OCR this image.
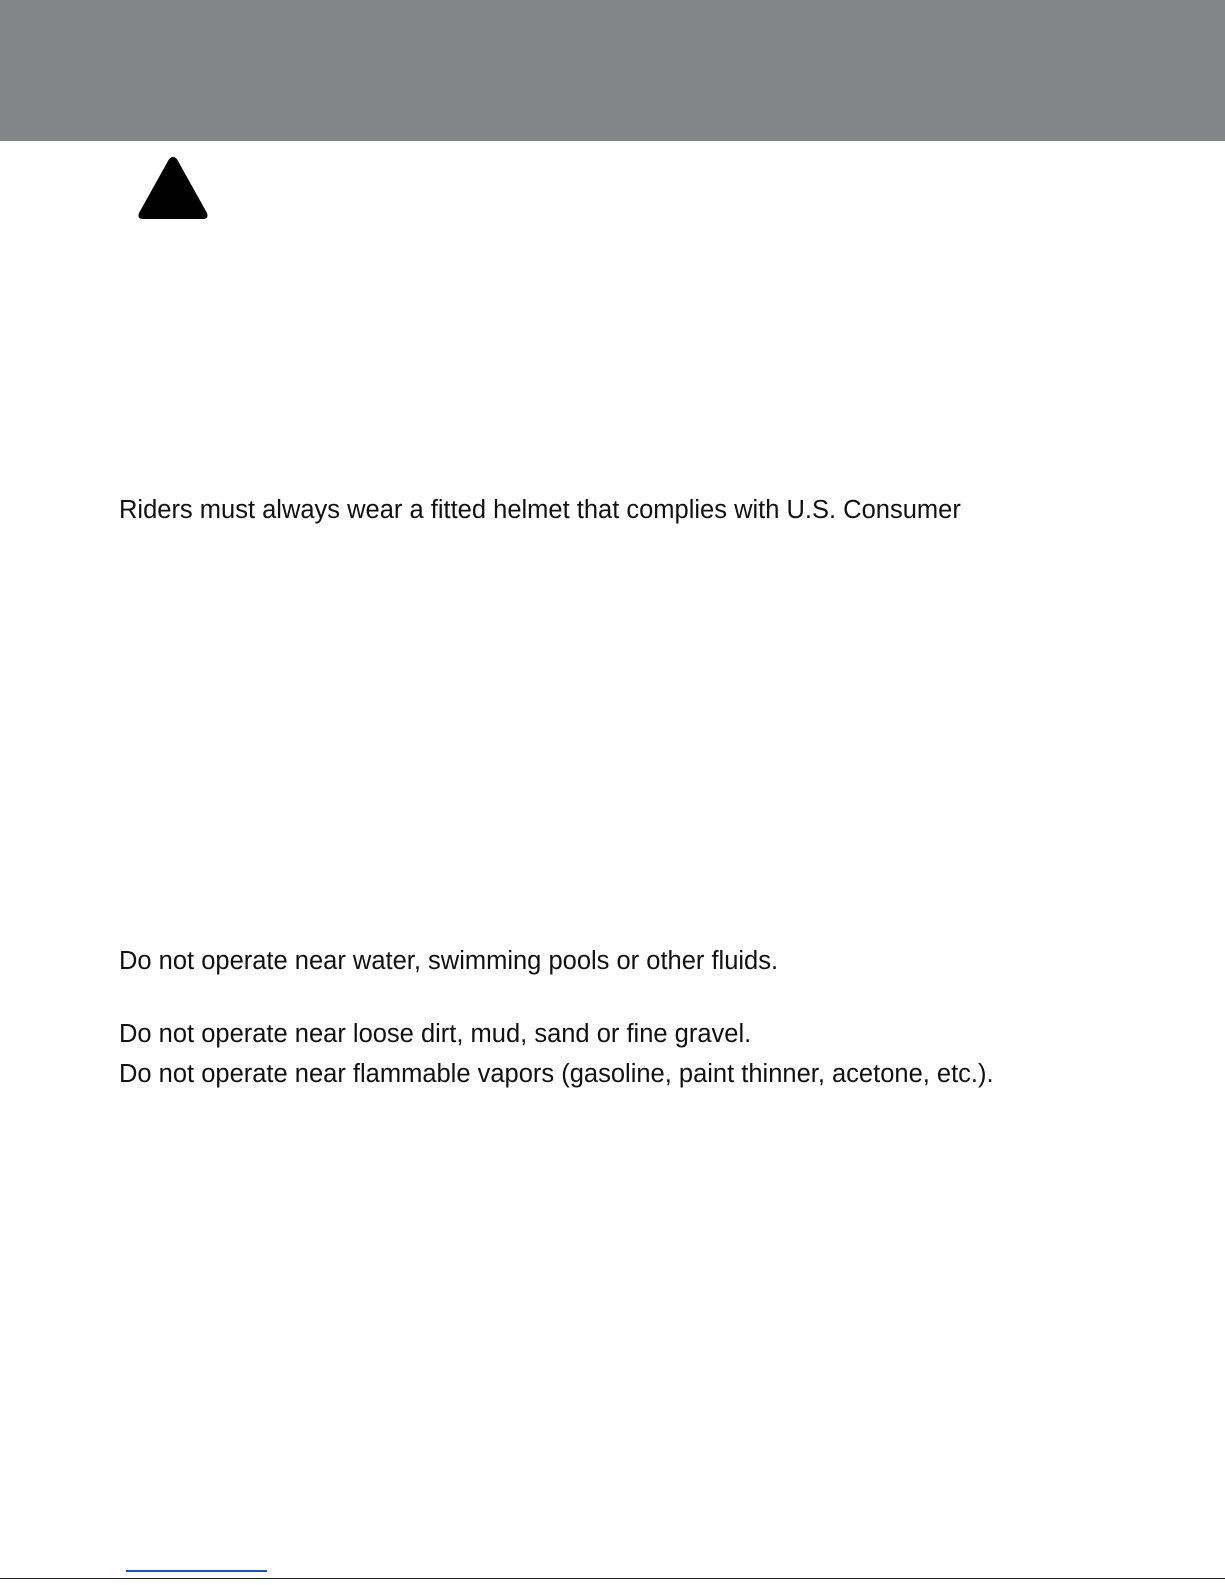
Riders must always wear a fitted helmet that complies with U.S. Consumer

Do not operate near water, swimming pools or other fluids.

Do not operate near loose dirt, mud, sand or fine gravel.

Do not operate near flammable vapors (gasoline, paint thinner, acetone, etc.).
